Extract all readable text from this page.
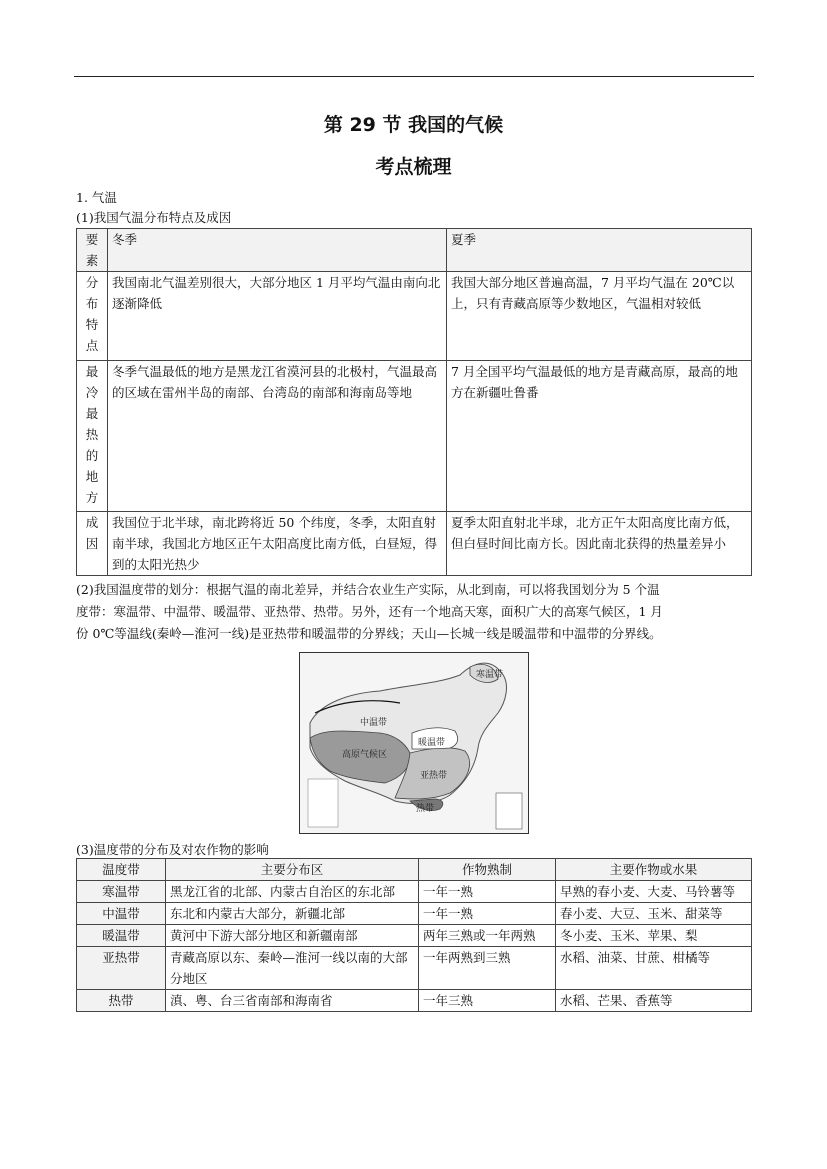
第 29 节 我国的气候
考点梳理
1. 气温
(1)我国气温分布特点及成因
要素	冬季	夏季
分布特点	我国南北气温差别很大，大部分地区 1 月平均气温由南向北逐渐降低	我国大部分地区普遍高温，7 月平均气温在 20℃以上，只有青藏高原等少数地区，气温相对较低
最冷最热的地方	冬季气温最低的地方是黑龙江省漠河县的北极村，气温最高的区域在雷州半岛的南部、台湾岛的南部和海南岛等地	7 月全国平均气温最低的地方是青藏高原，最高的地方在新疆吐鲁番
成因	我国位于北半球，南北跨将近 50 个纬度，冬季，太阳直射南半球，我国北方地区正午太阳高度比南方低，白昼短，得到的太阳光热少	夏季太阳直射北半球，北方正午太阳高度比南方低，但白昼时间比南方长。因此南北获得的热量差异小
(2)我国温度带的划分：根据气温的南北差异，并结合农业生产实际，从北到南，可以将我国划分为 5 个温
度带：寒温带、中温带、暖温带、亚热带、热带。另外，还有一个地高天寒，面积广大的高寒气候区，1 月
份 0℃等温线(秦岭—淮河一线)是亚热带和暖温带的分界线；天山—长城一线是暖温带和中温带的分界线。
中温带
高原气候区
暖温带
亚热带
热带
寒温带
(3)温度带的分布及对农作物的影响
温度带	主要分布区	作物熟制	主要作物或水果
寒温带	黑龙江省的北部、内蒙古自治区的东北部	一年一熟	早熟的春小麦、大麦、马铃薯等
中温带	东北和内蒙古大部分，新疆北部	一年一熟	春小麦、大豆、玉米、甜菜等
暖温带	黄河中下游大部分地区和新疆南部	两年三熟或一年两熟	冬小麦、玉米、苹果、梨
亚热带	青藏高原以东、秦岭—淮河一线以南的大部分地区	一年两熟到三熟	水稻、油菜、甘蔗、柑橘等
热带	滇、粤、台三省南部和海南省	一年三熟	水稻、芒果、香蕉等
